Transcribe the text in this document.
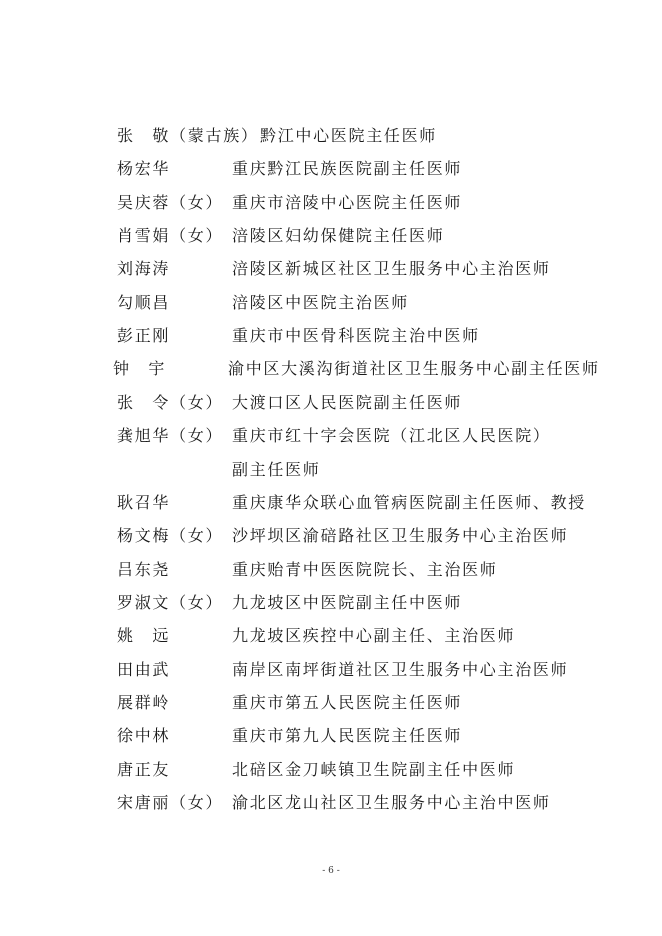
张　敬（蒙古族） 黔江中心医院主任医师
杨宏华	重庆黔江民族医院副主任医师
吴庆蓉（女） 重庆市涪陵中心医院主任医师
肖雪娟（女） 涪陵区妇幼保健院主任医师
刘海涛	涪陵区新城区社区卫生服务中心主治医师
勾顺昌	涪陵区中医院主治医师
彭正刚	重庆市中医骨科医院主治中医师
钟　宇	渝中区大溪沟街道社区卫生服务中心副主任医师
张　令（女） 大渡口区人民医院副主任医师
龚旭华（女） 重庆市红十字会医院（江北区人民医院）
副主任医师
耿召华	重庆康华众联心血管病医院副主任医师、教授
杨文梅（女） 沙坪坝区渝碚路社区卫生服务中心主治医师
吕东尧	重庆贻青中医医院院长、主治医师
罗淑文（女） 九龙坡区中医院副主任中医师
姚　远	九龙坡区疾控中心副主任、主治医师
田由武	南岸区南坪街道社区卫生服务中心主治医师
展群岭	重庆市第五人民医院主任医师
徐中林	重庆市第九人民医院主任医师
唐正友	北碚区金刀峡镇卫生院副主任中医师
宋唐丽（女） 渝北区龙山社区卫生服务中心主治中医师
- 6 -
